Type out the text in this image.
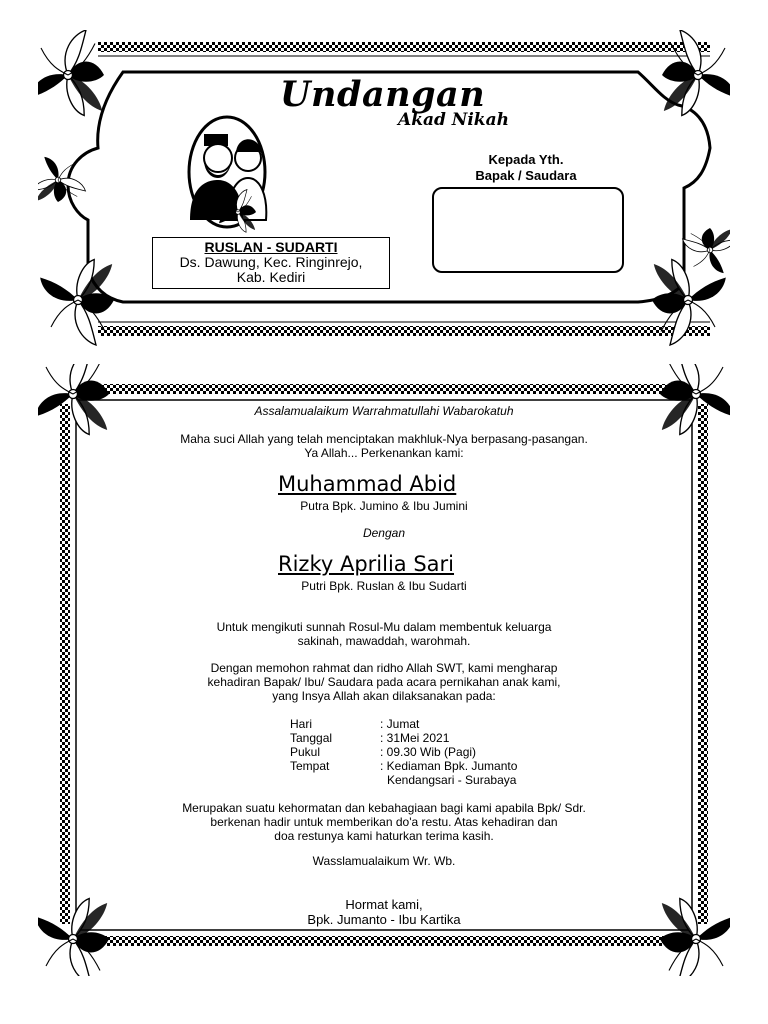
Undangan
Akad Nikah
Kepada Yth.
Bapak / Saudara
RUSLAN - SUDARTI
Ds. Dawung, Kec. Ringinrejo,
Kab. Kediri
Assalamualaikum Warrahmatullahi Wabarokatuh
Maha suci Allah yang telah menciptakan makhluk-Nya berpasang-pasangan.
Ya Allah... Perkenankan kami:
Muhammad Abid
Putra Bpk. Jumino & Ibu Jumini
Dengan
Rizky Aprilia Sari
Putri Bpk. Ruslan & Ibu Sudarti
Untuk mengikuti sunnah Rosul-Mu dalam membentuk keluarga
sakinah, mawaddah, warohmah.
Dengan memohon rahmat dan ridho Allah SWT, kami mengharap
kehadiran Bapak/ Ibu/ Saudara pada acara pernikahan anak kami,
yang Insya Allah akan dilaksanakan pada:
Hari	: Jumat
Tanggal	: 31Mei 2021
Pukul	: 09.30 Wib (Pagi)
Tempat	: Kediaman Bpk. Jumanto
Kendangsari - Surabaya
Merupakan suatu kehormatan dan kebahagiaan bagi kami apabila Bpk/ Sdr.
berkenan hadir untuk memberikan do'a restu. Atas kehadiran dan
doa restunya kami haturkan terima kasih.
Wasslamualaikum Wr. Wb.
Hormat kami,
Bpk. Jumanto - Ibu Kartika
